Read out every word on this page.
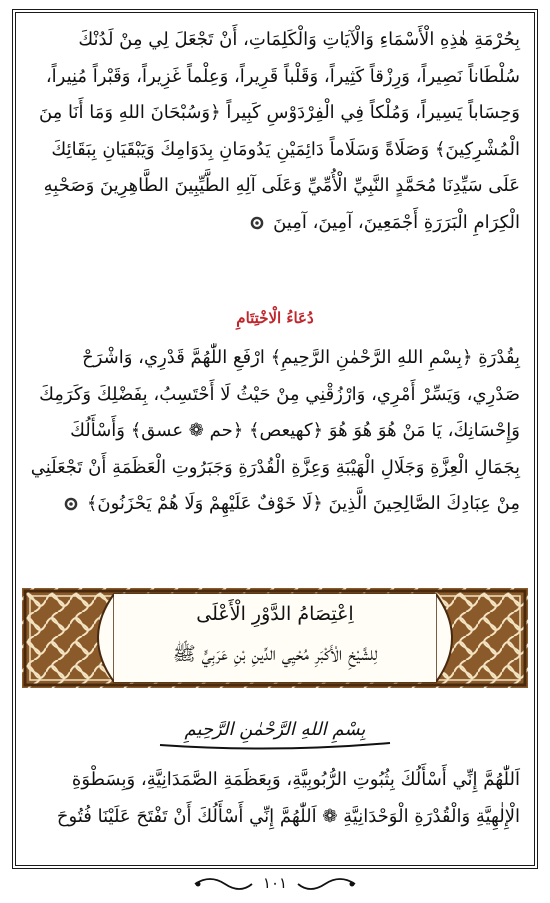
بِحُرْمَةِ هٰذِهِ الْأَسْمَاءِ وَالْآيَاتِ وَالْكَلِمَاتِ، أَنْ تَجْعَلَ لِي مِنْ لَدُنْكَ

سُلْطَاناً نَصِيراً، وَرِزْقاً كَثِيراً، وَقَلْباً قَرِيراً، وَعِلْماً غَزِيراً، وَقَبْراً مُنِيراً،

وَحِسَاباً يَسِيراً، وَمُلْكاً فِي الْفِرْدَوْسِ كَبِيراً ﴿وَسُبْحَانَ اللهِ وَمَا أَنَا مِنَ

الْمُشْرِكِينَ﴾ وَصَلَاةً وَسَلَاماً دَائِمَيْنِ يَدُومَانِ بِدَوَامِكَ وَيَبْقَيَانِ بِبَقَائِكَ

عَلَى سَيِّدِنَا مُحَمَّدٍ النَّبِيِّ الْأُمِّيِّ وَعَلَى آلِهِ الطَّيِّبِينَ الطَّاهِرِينَ وَصَحْبِهِ

الْكِرَامِ الْبَرَرَةِ أَجْمَعِينَ، آمِينَ، آمِينَ

دُعَاءُ الْاخْتِتَامِ

بِقُدْرَةِ ﴿بِسْمِ اللهِ الرَّحْمٰنِ الرَّحِيمِ﴾ ارْفَعِ اللّٰهُمَّ قَدْرِي، وَاشْرَحْ

صَدْرِي، وَيَسِّرْ أَمْرِي، وَارْزُقْنِي مِنْ حَيْثُ لَا أَحْتَسِبُ، بِفَضْلِكَ وَكَرَمِكَ

وَإِحْسَانِكَ، يَا مَنْ هُوَ هُوَ هُوَ ﴿كهيعص﴾ ﴿حم ❁ عسق﴾ وَأَسْأَلُكَ

بِجَمَالِ الْعِزَّةِ وَجَلَالِ الْهَيْبَةِ وَعِزَّةِ الْقُدْرَةِ وَجَبَرُوتِ الْعَظَمَةِ أَنْ تَجْعَلَنِي

مِنْ عِبَادِكَ الصَّالِحِينَ الَّذِينَ ﴿لَا خَوْفٌ عَلَيْهِمْ وَلَا هُمْ يَحْزَنُونَ﴾

اِعْتِصَامُ الدَّوْرِ الْأَعْلَى
لِلشَّيْخِ الْأَكْبَرِ مُحْيِي الدِّينِ بْنِ عَرَبِيٍّ ﷺ
بِسْمِ اللهِ الرَّحْمٰنِ الرَّحِيمِ

اَللّٰهُمَّ إِنِّي أَسْأَلُكَ بِثُبُوتِ الرُّبُوبِيَّةِ، وَبِعَظَمَةِ الصَّمَدَانِيَّةِ، وَبِسَطْوَةِ

الْإِلٰهِيَّةِ وَالْقُدْرَةِ الْوَحْدَانِيَّةِ ❁ اَللّٰهُمَّ إِنِّي أَسْأَلُكَ أَنْ تَفْتَحَ عَلَيْنَا فُتُوحَ

١٠١
